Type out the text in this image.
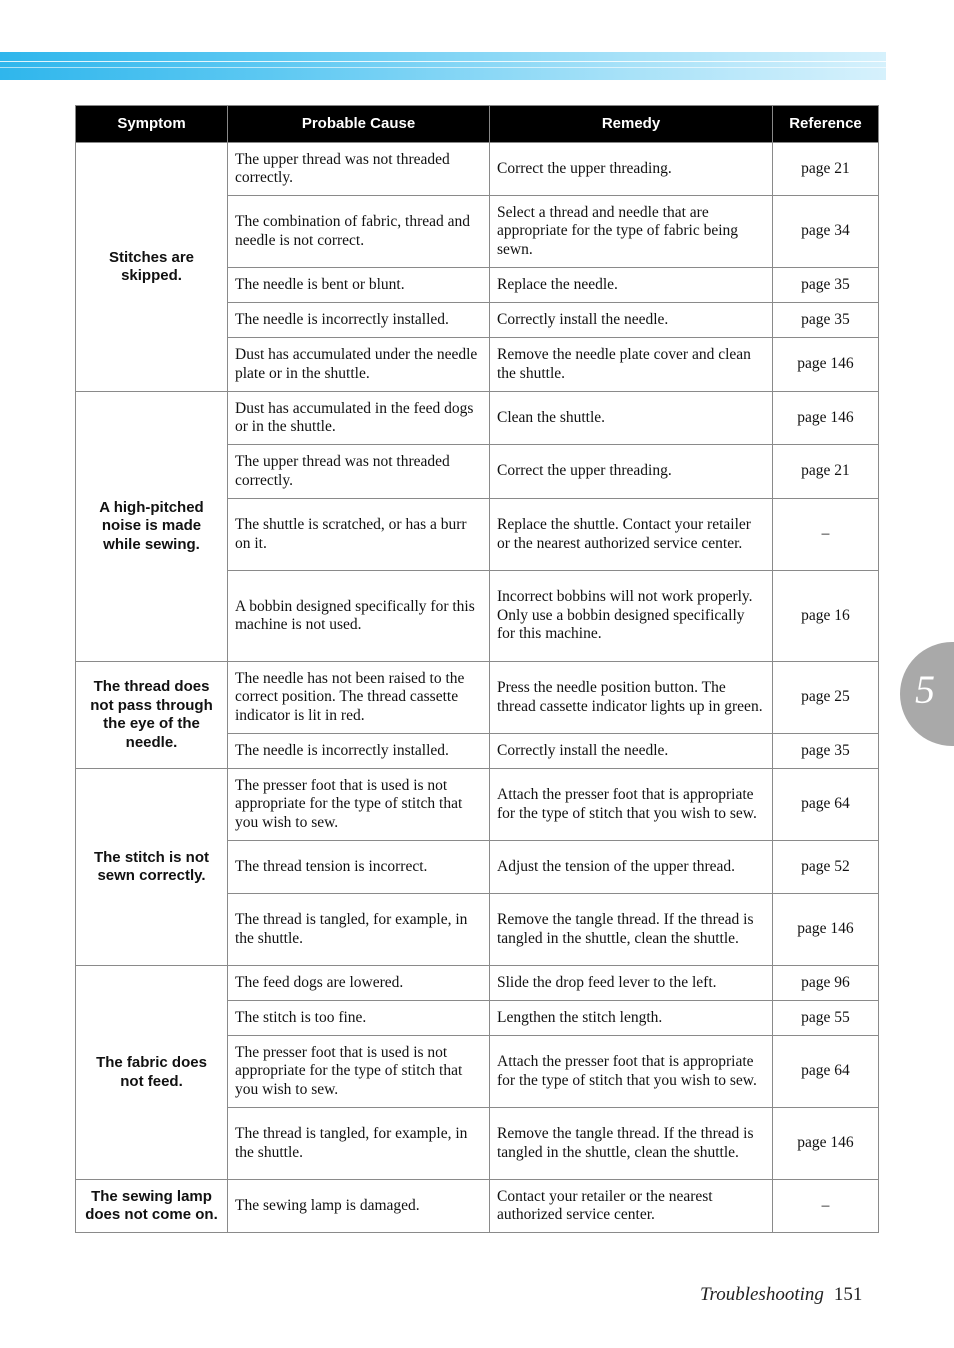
Symptom	Probable Cause	Remedy	Reference
Stitches are skipped.	The upper thread was not threaded correctly.	Correct the upper threading.	page 21
	The combination of fabric, thread and needle is not correct.	Select a thread and needle that are appropriate for the type of fabric being sewn.	page 34
	The needle is bent or blunt.	Replace the needle.	page 35
	The needle is incorrectly installed.	Correctly install the needle.	page 35
	Dust has accumulated under the needle plate or in the shuttle.	Remove the needle plate cover and clean the shuttle.	page 146
A high-pitched noise is made while sewing.	Dust has accumulated in the feed dogs or in the shuttle.	Clean the shuttle.	page 146
	The upper thread was not threaded correctly.	Correct the upper threading.	page 21
	The shuttle is scratched, or has a burr on it.	Replace the shuttle. Contact your retailer or the nearest authorized service center.	–
	A bobbin designed specifically for this machine is not used.	Incorrect bobbins will not work properly. Only use a bobbin designed specifically for this machine.	page 16
The thread does not pass through the eye of the needle.	The needle has not been raised to the correct position. The thread cassette indicator is lit in red.	Press the needle position button. The thread cassette indicator lights up in green.	page 25
	The needle is incorrectly installed.	Correctly install the needle.	page 35
The stitch is not sewn correctly.	The presser foot that is used is not appropriate for the type of stitch that you wish to sew.	Attach the presser foot that is appropriate for the type of stitch that you wish to sew.	page 64
	The thread tension is incorrect.	Adjust the tension of the upper thread.	page 52
	The thread is tangled, for example, in the shuttle.	Remove the tangle thread. If the thread is tangled in the shuttle, clean the shuttle.	page 146
The fabric does not feed.	The feed dogs are lowered.	Slide the drop feed lever to the left.	page 96
	The stitch is too fine.	Lengthen the stitch length.	page 55
	The presser foot that is used is not appropriate for the type of stitch that you wish to sew.	Attach the presser foot that is appropriate for the type of stitch that you wish to sew.	page 64
	The thread is tangled, for example, in the shuttle.	Remove the tangle thread. If the thread is tangled in the shuttle, clean the shuttle.	page 146
The sewing lamp does not come on.	The sewing lamp is damaged.	Contact your retailer or the nearest authorized service center.	–
5
Troubleshooting 151
